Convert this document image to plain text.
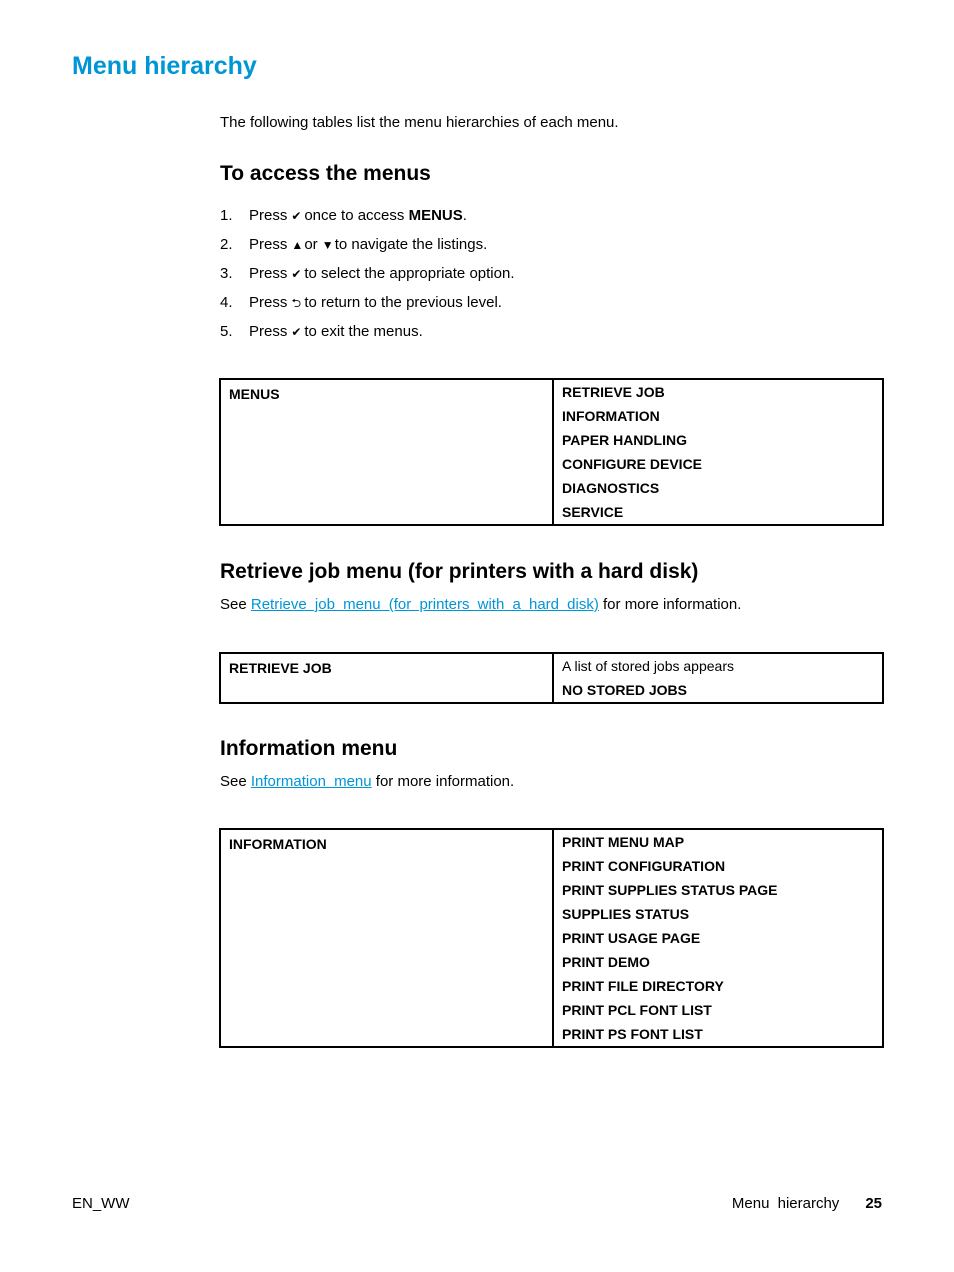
Menu hierarchy

The following tables list the menu hierarchies of each menu.

To access the menus
1. Press ✔ once to access MENUS.
2. Press ▲or ▼to navigate the listings.
3. Press ✔ to select the appropriate option.
4. Press ⮌ to return to the previous level.
5. Press ✔ to exit the menus.
MENUS	RETRIEVE JOB
INFORMATION
PAPER HANDLING
CONFIGURE DEVICE
DIAGNOSTICS
SERVICE
Retrieve job menu (for printers with a hard disk)

See Retrieve job menu (for printers with a hard disk) for more information.

RETRIEVE JOB	A list of stored jobs appears
NO STORED JOBS
Information menu

See Information menu for more information.

INFORMATION	PRINT MENU MAP
PRINT CONFIGURATION
PRINT SUPPLIES STATUS PAGE
SUPPLIES STATUS
PRINT USAGE PAGE
PRINT DEMO
PRINT FILE DIRECTORY
PRINT PCL FONT LIST
PRINT PS FONT LIST

EN_WW	Menu hierarchy 25
